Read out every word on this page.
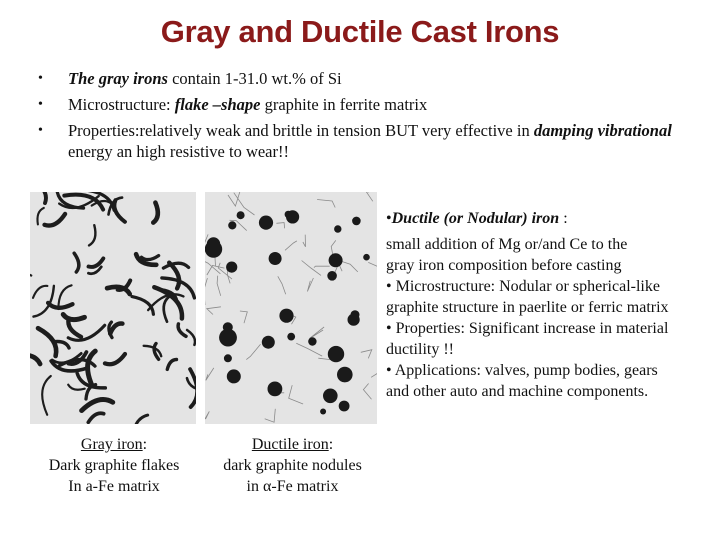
Gray and Ductile Cast Irons
•	The gray irons contain 1-31.0 wt.% of Si
•	Microstructure: flake –shape graphite in ferrite matrix
•	Properties:relatively weak and brittle in tension BUT very effective in damping vibrational energy an high resistive to wear!!
Gray iron:
Dark graphite flakes
In a-Fe matrix
Ductile iron:
dark graphite nodules
in α-Fe matrix

•Ductile (or Nodular) iron :

small addition of Mg or/and Ce to the

gray iron composition before casting

• Microstructure: Nodular or spherical-like

graphite structure in paerlite or ferric matrix

• Properties: Significant increase in material

ductility !!

• Applications: valves, pump bodies, gears

and other auto and machine components.
